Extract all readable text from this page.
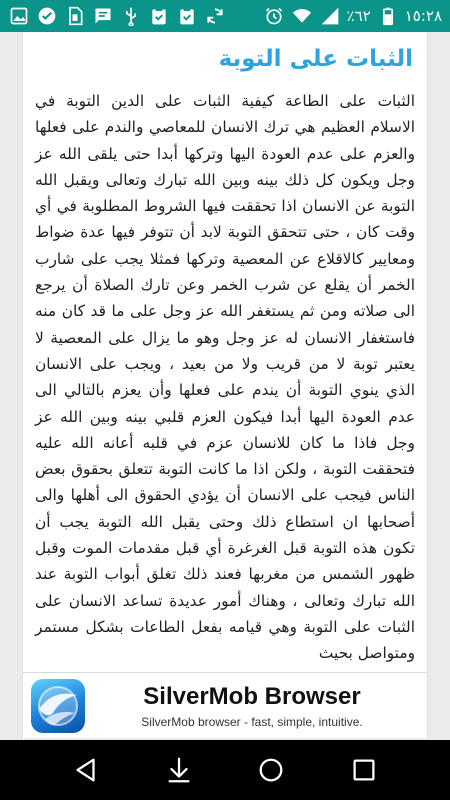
٪٦٢ ١٥:٢٨
الثبات على التوبة

الثبات على الطاعة كيفية الثبات على الدين التوبة في الاسلام العظيم هي ترك الانسان للمعاصي والندم على فعلها والعزم على عدم العودة اليها وتركها أبدا حتى يلقى الله عز وجل ويكون كل ذلك بينه وبين الله تبارك وتعالى ويقبل الله التوبة عن الانسان اذا تحققت فيها الشروط المطلوبة في أي وقت كان ، حتى تتحقق التوبة لابد أن تتوفر فيها عدة ضواط ومعايير كالاقلاع عن المعصية وتركها فمثلا يجب على شارب الخمر أن يقلع عن شرب الخمر وعن تارك الصلاة أن يرجع الى صلاته ومن ثم يستغفر الله عز وجل على ما قد كان منه فاستغفار الانسان له عز وجل وهو ما يزال على المعصية لا يعتبر توبة لا من قريب ولا من بعيد ، ويجب على الانسان الذي ينوي التوبة أن يندم على فعلها وأن يعزم بالتالي الى عدم العودة اليها أبدا فيكون العزم قلبي بينه وبين الله عز وجل فاذا ما كان للانسان عزم في قلبه أعانه الله عليه فتحققت التوبة ، ولكن اذا ما كانت التوبة تتعلق بحقوق بعض الناس فيجب على الانسان أن يؤدي الحقوق الى أهلها والى أصحابها ان استطاع ذلك وحتى يقبل الله التوبة يجب أن تكون هذه التوبة قبل الغرغرة أي قبل مقدمات الموت وقبل ظهور الشمس من مغربها فعند ذلك تغلق أبواب التوبة عند الله تبارك وتعالى ، وهناك أمور عديدة تساعد الانسان على الثبات على التوبة وهي قيامه بفعل الطاعات بشكل مستمر ومتواصل بحيث

SilverMob Browser
SilverMob browser - fast, simple, intuitive.
